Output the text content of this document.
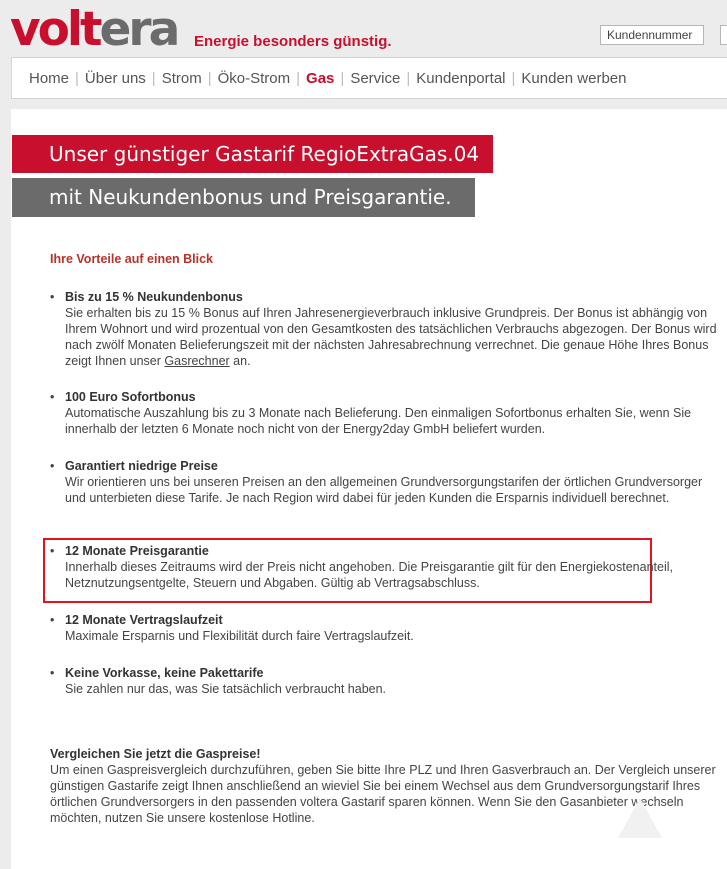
voltera Energie besonders günstig.
Kundennummer
Home | Über uns | Strom | Öko-Strom | Gas | Service | Kundenportal | Kunden werben
Unser günstiger Gastarif RegioExtraGas.04
mit Neukundenbonus und Preisgarantie.
Ihre Vorteile auf einen Blick
• Bis zu 15 % Neukundenbonus
Sie erhalten bis zu 15 % Bonus auf Ihren Jahresenergieverbrauch inklusive Grundpreis. Der Bonus ist abhängig von Ihrem Wohnort und wird prozentual von den Gesamtkosten des tatsächlichen Verbrauchs abgezogen. Der Bonus wird nach zwölf Monaten Belieferungszeit mit der nächsten Jahresabrechnung verrechnet. Die genaue Höhe Ihres Bonus zeigt Ihnen unser Gasrechner an.
• 100 Euro Sofortbonus
Automatische Auszahlung bis zu 3 Monate nach Belieferung. Den einmaligen Sofortbonus erhalten Sie, wenn Sie innerhalb der letzten 6 Monate noch nicht von der Energy2day GmbH beliefert wurden.
• Garantiert niedrige Preise
Wir orientieren uns bei unseren Preisen an den allgemeinen Grundversorgungstarifen der örtlichen Grundversorger und unterbieten diese Tarife. Je nach Region wird dabei für jeden Kunden die Ersparnis individuell berechnet.
• 12 Monate Preisgarantie
Innerhalb dieses Zeitraums wird der Preis nicht angehoben. Die Preisgarantie gilt für den Energiekostenanteil, Netznutzungsentgelte, Steuern und Abgaben. Gültig ab Vertragsabschluss.
• 12 Monate Vertragslaufzeit
Maximale Ersparnis und Flexibilität durch faire Vertragslaufzeit.
• Keine Vorkasse, keine Pakettarife
Sie zahlen nur das, was Sie tatsächlich verbraucht haben.
Vergleichen Sie jetzt die Gaspreise!
Um einen Gaspreisvergleich durchzuführen, geben Sie bitte Ihre PLZ und Ihren Gasverbrauch an. Der Vergleich unserer günstigen Gastarife zeigt Ihnen anschließend an wieviel Sie bei einem Wechsel aus dem Grundversorgungstarif Ihres örtlichen Grundversorgers in den passenden voltera Gastarif sparen können. Wenn Sie den Gasanbieter wechseln möchten, nutzen Sie unsere kostenlose Hotline.
